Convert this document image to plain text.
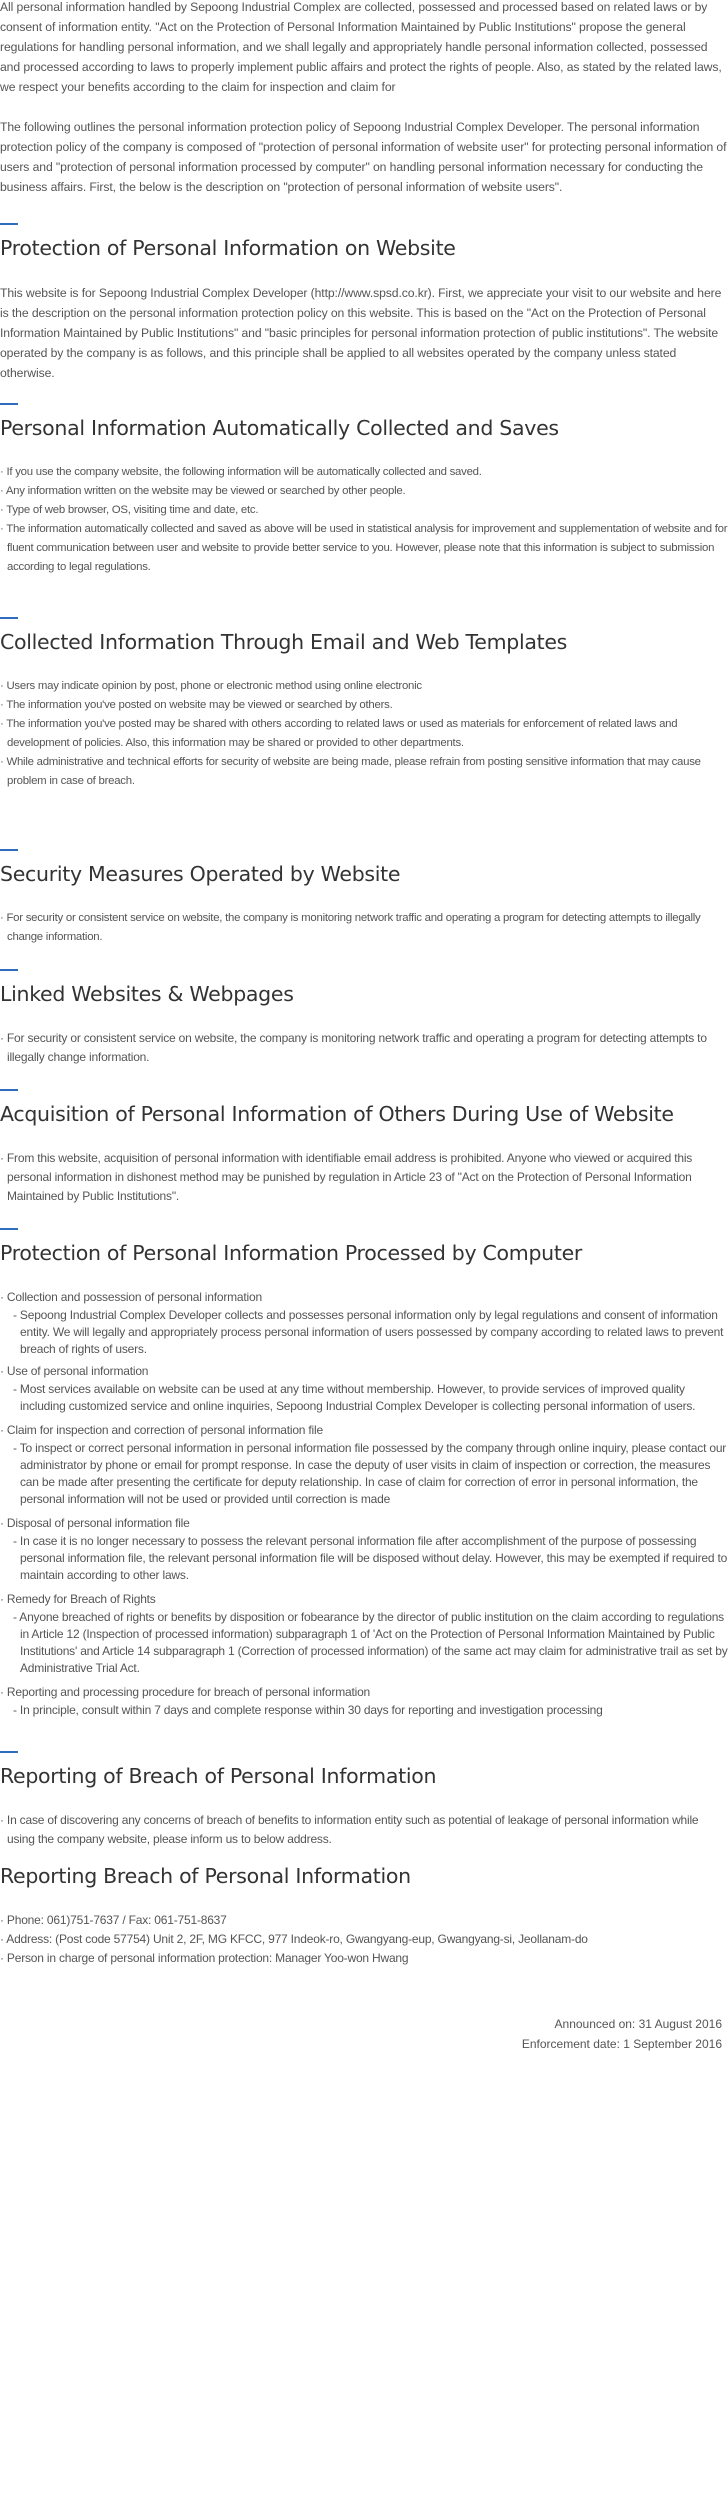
All personal information handled by Sepoong Industrial Complex are collected, possessed and processed based on related laws or by consent of information entity. "Act on the Protection of Personal Information Maintained by Public Institutions" propose the general regulations for handling personal information, and we shall legally and appropriately handle personal information collected, possessed and processed according to laws to properly implement public affairs and protect the rights of people. Also, as stated by the related laws, we respect your benefits according to the claim for inspection and claim for

The following outlines the personal information protection policy of Sepoong Industrial Complex Developer. The personal information protection policy of the company is composed of "protection of personal information of website user" for protecting personal information of users and "protection of personal information processed by computer" on handling personal information necessary for conducting the business affairs. First, the below is the description on "protection of personal information of website users".

Protection of Personal Information on Website

This website is for Sepoong Industrial Complex Developer (http://www.spsd.co.kr). First, we appreciate your visit to our website and here is the description on the personal information protection policy on this website. This is based on the "Act on the Protection of Personal Information Maintained by Public Institutions" and "basic principles for personal information protection of public institutions". The website operated by the company is as follows, and this principle shall be applied to all websites operated by the company unless stated otherwise.

Personal Information Automatically Collected and Saves
· If you use the company website, the following information will be automatically collected and saved.
· Any information written on the website may be viewed or searched by other people.
· Type of web browser, OS, visiting time and date, etc.
· The information automatically collected and saved as above will be used in statistical analysis for improvement and supplementation of website and for fluent communication between user and website to provide better service to you. However, please note that this information is subject to submission according to legal regulations.
Collected Information Through Email and Web Templates
· Users may indicate opinion by post, phone or electronic method using online electronic
· The information you've posted on website may be viewed or searched by others.
· The information you've posted may be shared with others according to related laws or used as materials for enforcement of related laws and development of policies. Also, this information may be shared or provided to other departments.
· While administrative and technical efforts for security of website are being made, please refrain from posting sensitive information that may cause problem in case of breach.
Security Measures Operated by Website
· For security or consistent service on website, the company is monitoring network traffic and operating a program for detecting attempts to illegally change information.
Linked Websites & Webpages
· For security or consistent service on website, the company is monitoring network traffic and operating a program for detecting attempts to illegally change information.
Acquisition of Personal Information of Others During Use of Website
· From this website, acquisition of personal information with identifiable email address is prohibited. Anyone who viewed or acquired this personal information in dishonest method may be punished by regulation in Article 23 of "Act on the Protection of Personal Information Maintained by Public Institutions".
Protection of Personal Information Processed by Computer
· Collection and possession of personal information
- Sepoong Industrial Complex Developer collects and possesses personal information only by legal regulations and consent of information entity. We will legally and appropriately process personal information of users possessed by company according to related laws to prevent breach of rights of users.
· Use of personal information
- Most services available on website can be used at any time without membership. However, to provide services of improved quality including customized service and online inquiries, Sepoong Industrial Complex Developer is collecting personal information of users.
· Claim for inspection and correction of personal information file
- To inspect or correct personal information in personal information file possessed by the company through online inquiry, please contact our administrator by phone or email for prompt response. In case the deputy of user visits in claim of inspection or correction, the measures can be made after presenting the certificate for deputy relationship. In case of claim for correction of error in personal information, the personal information will not be used or provided until correction is made
· Disposal of personal information file
- In case it is no longer necessary to possess the relevant personal information file after accomplishment of the purpose of possessing personal information file, the relevant personal information file will be disposed without delay. However, this may be exempted if required to maintain according to other laws.
· Remedy for Breach of Rights
- Anyone breached of rights or benefits by disposition or fobearance by the director of public institution on the claim according to regulations in Article 12 (Inspection of processed information) subparagraph 1 of 'Act on the Protection of Personal Information Maintained by Public Institutions' and Article 14 subparagraph 1 (Correction of processed information) of the same act may claim for administrative trail as set by Administrative Trial Act.
· Reporting and processing procedure for breach of personal information
- In principle, consult within 7 days and complete response within 30 days for reporting and investigation processing
Reporting of Breach of Personal Information
· In case of discovering any concerns of breach of benefits to information entity such as potential of leakage of personal information while using the company website, please inform us to below address.
Reporting Breach of Personal Information
· Phone: 061)751-7637 / Fax: 061-751-8637
· Address: (Post code 57754) Unit 2, 2F, MG KFCC, 977 Indeok-ro, Gwangyang-eup, Gwangyang-si, Jeollanam-do
· Person in charge of personal information protection: Manager Yoo-won Hwang
Announced on: 31 August 2016
Enforcement date: 1 September 2016
